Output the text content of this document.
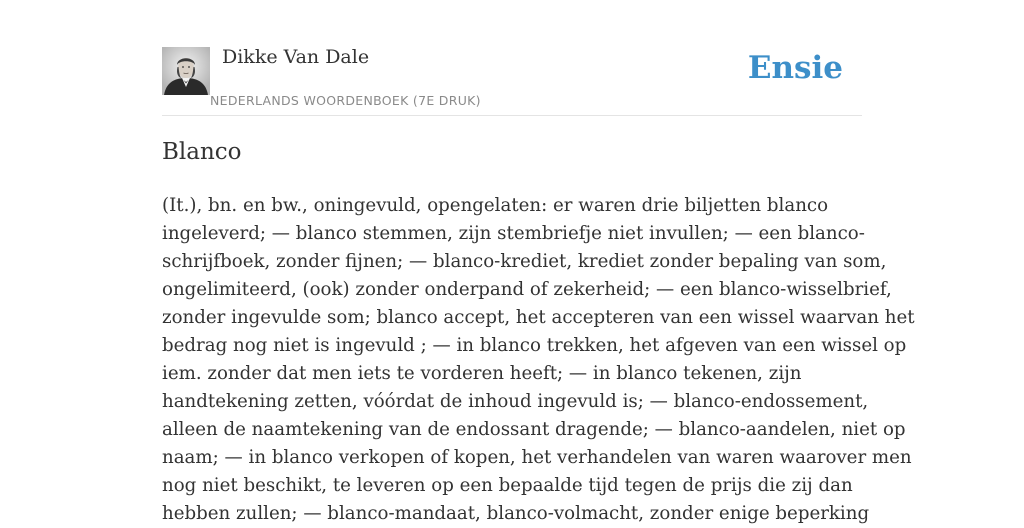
Dikke Van Dale
NEDERLANDS WOORDENBOEK (7E DRUK)
Ensie
Blanco
(It.), bn. en bw., oningevuld, opengelaten: er waren drie biljetten blanco
ingeleverd; — blanco stemmen, zijn stembriefje niet invullen; — een blanco-
schrijfboek, zonder fijnen; — blanco-krediet, krediet zonder bepaling van som,
ongelimiteerd, (ook) zonder onderpand of zekerheid; — een blanco-wisselbrief,
zonder ingevulde som; blanco accept, het accepteren van een wissel waarvan het
bedrag nog niet is ingevuld ; — in blanco trekken, het afgeven van een wissel op
iem. zonder dat men iets te vorderen heeft; — in blanco tekenen, zijn
handtekening zetten, vóórdat de inhoud ingevuld is; — blanco-endossement,
alleen de naamtekening van de endossant dragende; — blanco-aandelen, niet op
naam; — in blanco verkopen of kopen, het verhandelen van waren waarover men
nog niet beschikt, te leveren op een bepaalde tijd tegen de prijs die zij dan
hebben zullen; — blanco-mandaat, blanco-volmacht, zonder enige beperking
